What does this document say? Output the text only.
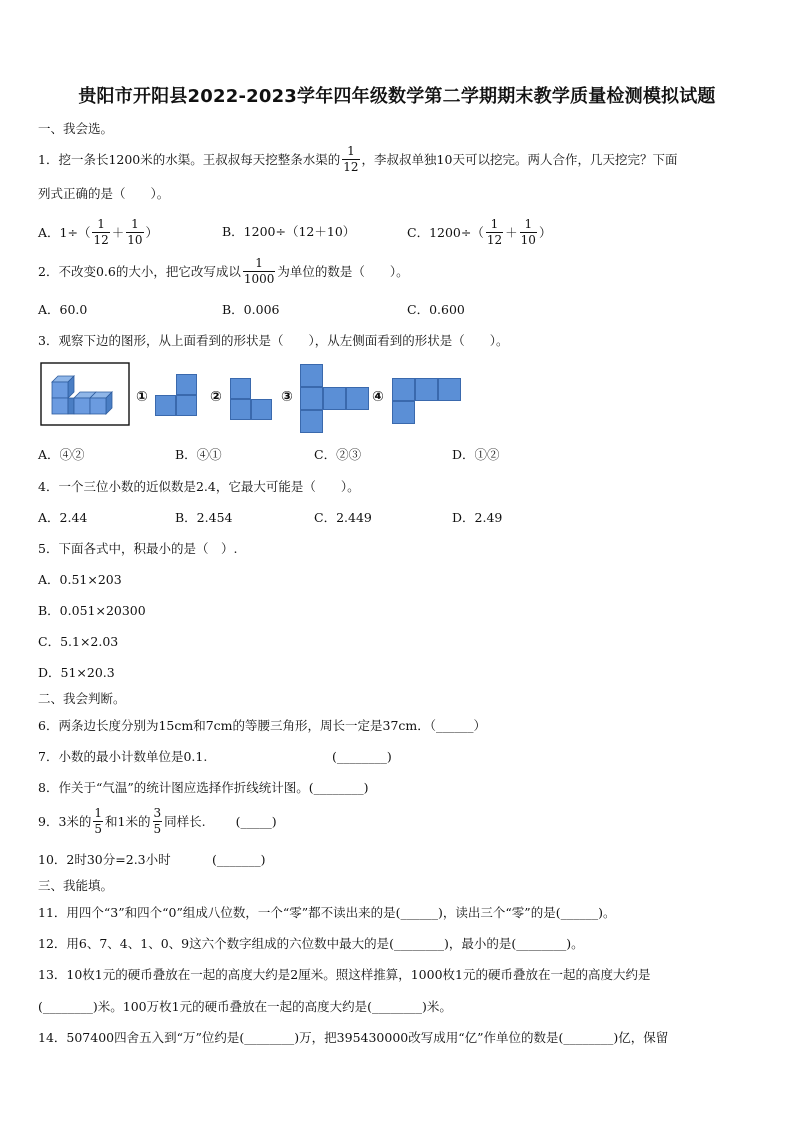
贵阳市开阳县2022-2023学年四年级数学第二学期期末教学质量检测模拟试题
一、我会选。
1．挖一条长1200米的水渠。王叔叔每天挖整条水渠的 $\frac{1}{12}$ ，李叔叔单独10天可以挖完。两人合作，几天挖完？下面
列式正确的是（　　）。
A．$1\div( \frac{1}{12} + \frac{1}{10}$ ）	B．1200÷（12＋10）	C．$1200\div( \frac{1}{12} + \frac{1}{10}$ ）
2．不改变0.6的大小，把它改写成以 $\frac{1}{1000}$ 为单位的数是（　　）。
A．60.0	B．0.006	C．0.600
3．观察下边的图形，从上面看到的形状是（　　），从左侧面看到的形状是（　　）。
①	②	③	④
A．④②	B．④①	C．②③	D．①②
4．一个三位小数的近似数是2.4，它最大可能是（　　）。
A．2.44	B．2.454	C．2.449	D．2.49
5．下面各式中，积最小的是（　）.
A．0.51×203
B．0.051×20300
C．5.1×2.03
D．51×20.3
二、我会判断。
6．两条边长度分别为15cm和7cm的等腰三角形，周长一定是37cm．（______）
7．小数的最小计数单位是0.1.	(________)
8．作关于“气温”的统计图应选择作折线统计图。(________)
9．3米的 $\frac{1}{5}$ 和1米的 $\frac{3}{5}$ 同样长. (_____)
10．2时30分=2.3小时	(_______)
三、我能填。
11．用四个“3”和四个“0”组成八位数，一个“零”都不读出来的是(______)，读出三个“零”的是(______)。
12．用6、7、4、1、0、9这六个数字组成的六位数中最大的是(________)，最小的是(________)。
13．10枚1元的硬币叠放在一起的高度大约是2厘米。照这样推算，1000枚1元的硬币叠放在一起的高度大约是
(________)米。100万枚1元的硬币叠放在一起的高度大约是(________)米。
14．507400四舍五入到“万”位约是(________)万，把395430000改写成用“亿”作单位的数是(________)亿，保留
